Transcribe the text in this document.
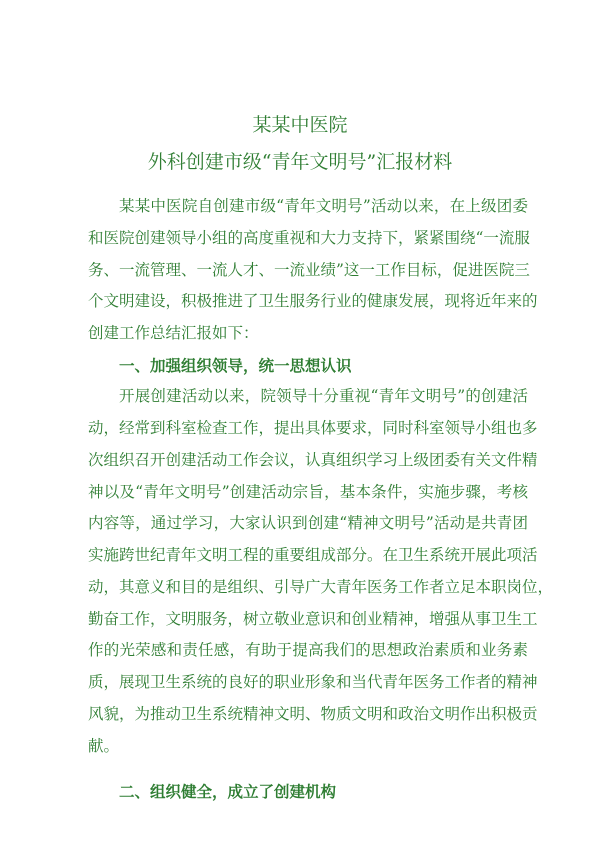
某某中医院
外科创建市级“青年文明号”汇报材料
某某中医院自创建市级“青年文明号”活动以来，在上级团委
和医院创建领导小组的高度重视和大力支持下，紧紧围绕“一流服
务、一流管理、一流人才、一流业绩”这一工作目标，促进医院三
个文明建设，积极推进了卫生服务行业的健康发展，现将近年来的
创建工作总结汇报如下：
一、加强组织领导，统一思想认识
开展创建活动以来，院领导十分重视“青年文明号”的创建活
动，经常到科室检查工作，提出具体要求，同时科室领导小组也多
次组织召开创建活动工作会议，认真组织学习上级团委有关文件精
神以及“青年文明号”创建活动宗旨，基本条件，实施步骤，考核
内容等，通过学习，大家认识到创建“精神文明号”活动是共青团
实施跨世纪青年文明工程的重要组成部分。在卫生系统开展此项活
动，其意义和目的是组织、引导广大青年医务工作者立足本职岗位，
勤奋工作，文明服务，树立敬业意识和创业精神，增强从事卫生工
作的光荣感和责任感，有助于提高我们的思想政治素质和业务素
质，展现卫生系统的良好的职业形象和当代青年医务工作者的精神
风貌，为推动卫生系统精神文明、物质文明和政治文明作出积极贡
献。
二、组织健全，成立了创建机构
